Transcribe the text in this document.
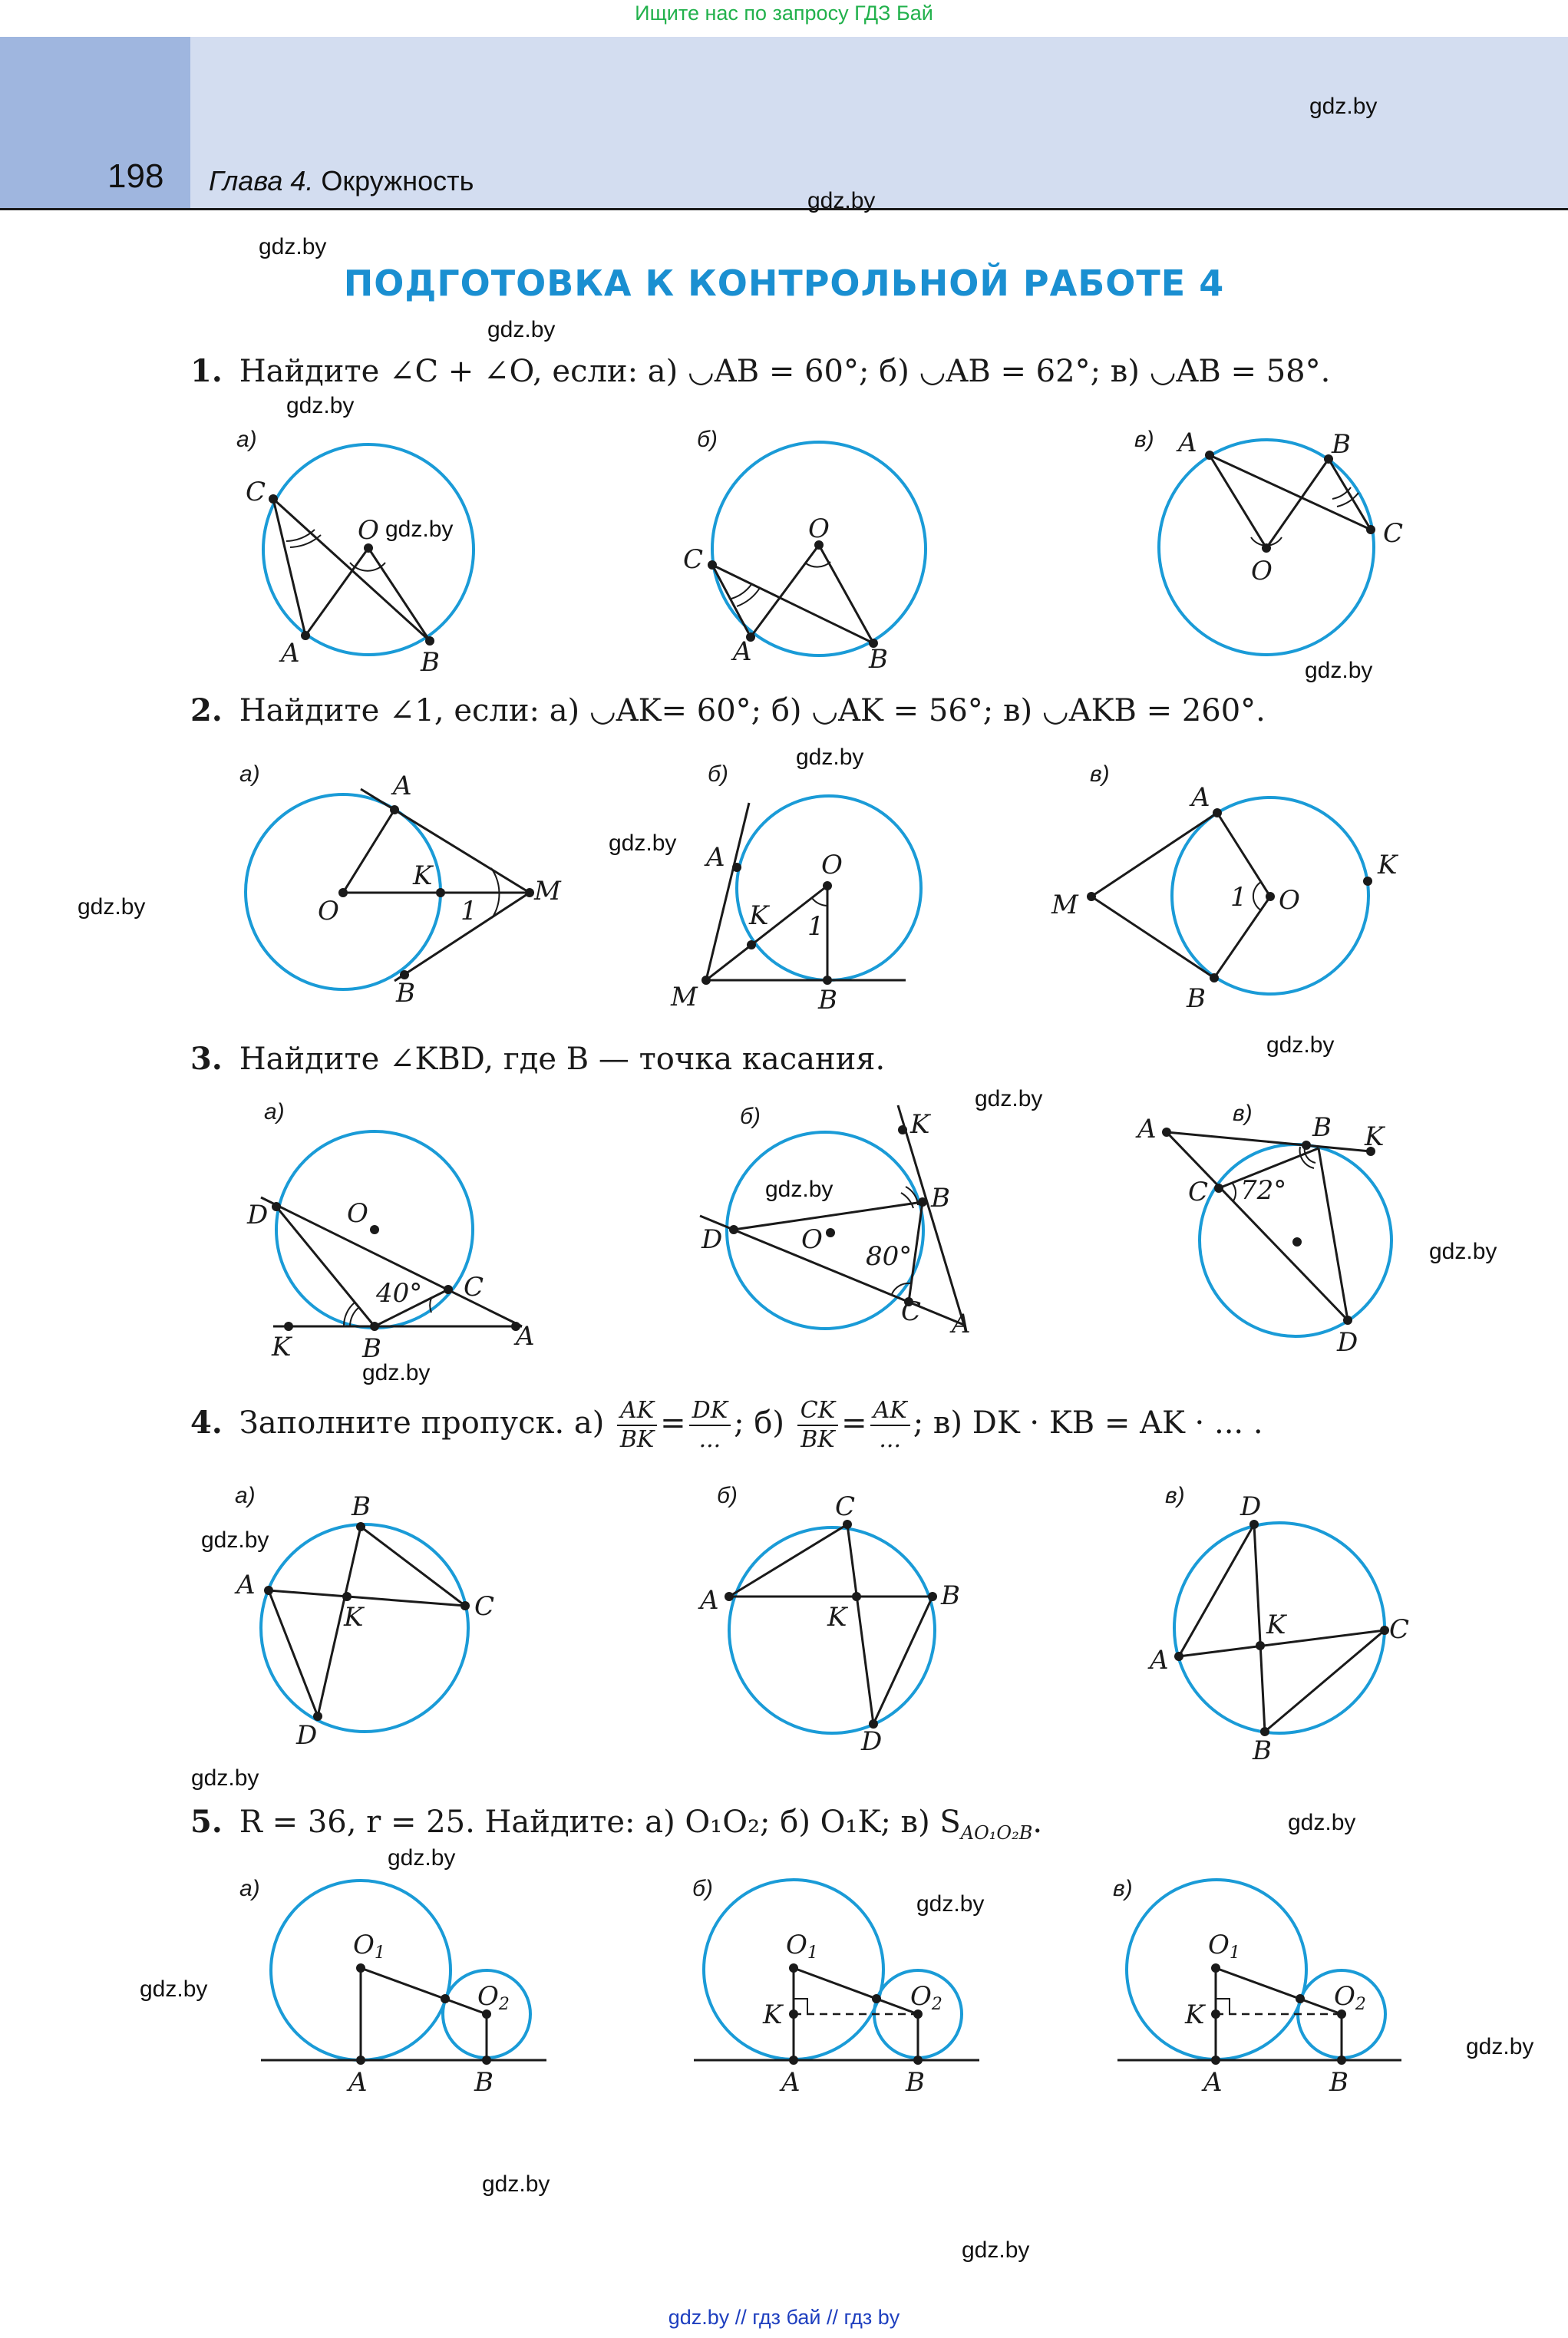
Ищите нас по запросу ГДЗ Бай
198 Глава 4. Окружность
gdz.by
gdz.by
gdz.by
gdz.by
gdz.by
gdz.by
gdz.by
gdz.by
gdz.by
gdz.by
gdz.by
gdz.by
gdz.by
gdz.by
gdz.by
gdz.by
gdz.by
gdz.by
gdz.by
gdz.by
gdz.by
gdz.by
gdz.by
gdz.by
ПОДГОТОВКА К КОНТРОЛЬНОЙ РАБОТЕ 4
1. Найдите ∠C + ∠O, если: а) ◡AB = 60°; б) ◡AB = 62°; в) ◡AB = 58°.
2. Найдите ∠1, если: а) ◡AK= 60°; б) ◡AK = 56°; в) ◡AKB = 260°.
3. Найдите ∠KBD, где B — точка касания.
4. Заполните пропуск. $а) \frac{AK}{BK} = \frac{DK}{...}$ ; $б) \frac{CK}{BK} = \frac{AK}{...}$ ; в) DK · KB = AK · ... .
5. R = 36, r = 25. Найдите: а) O₁O₂; б) O₁K; в) $S_{AO_1O_2B}$.
а)
C
O
A	B
б)
C
O
A	B
в) A	B
C
O
а)	A
O
K
1
M
B
б)
A	O
K 1
M	B
в)
A
M
B
O
1
K
а)
D	O
40° C
K	B	A
б)	K
B
D	O
80°
C A
в)
A	B K
C 72°
D
а)
A
B
C
D
K
б)
A
C
B
D
K
в) D
A
C
B
K
а)
O1
O2
A	B
б)
O1
O2
K
A	B
в)
O1
O2
K
A	B
gdz.by // гдз бай // гдз by
